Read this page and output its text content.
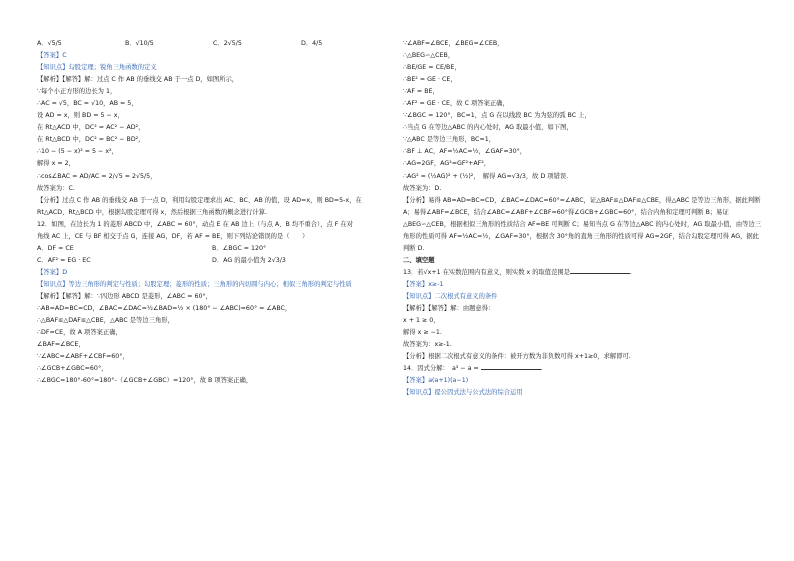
A．√5/5	B．√10/5	C．2√5/5	D．4/5
【答案】C
【知识点】勾股定理；锐角三角函数的定义
【解析】【解答】解：过点 C 作 AB 的垂线交 AB 于一点 D，如图所示，
∵每个小正方形的边长为 1，
∴AC = √5，BC = √10，AB = 5，
设 AD = x，则 BD = 5 − x，
在 Rt△ACD 中，DC² = AC² − AD²，
在 Rt△BCD 中，DC² = BC² − BD²，
∴10 − (5 − x)² = 5 − x²，
解得 x = 2，
∴cos∠BAC = AD/AC = 2/√5 = 2√5/5，
故答案为：C.
【分析】过点 C 作 AB 的垂线交 AB 于一点 D，利用勾股定理求出 AC、BC、AB 的值，设 AD=x，则 BD=5-x，在 Rt△ACD、Rt△BCD 中，根据勾股定理可得 x，然后根据三角函数的概念进行计算.
12．如图，在边长为 1 的菱形 ABCD 中，∠ABC = 60°，动点 E 在 AB 边上（与点 A、B 均不重合），点 F 在对
角线 AC 上，CE 与 BF 相交于点 G，连接 AG，DF，若 AF = BE，则下列结论错误的是（　　）
A．DF = CE	B．∠BGC = 120°
C．AF² = EG · EC	D．AG 的最小值为 2√3/3
【答案】D
【知识点】等边三角形的判定与性质；勾股定理；菱形的性质；三角形的内切圆与内心；相似三角形的判定与性质
【解析】【解答】解：∵四边形 ABCD 是菱形，∠ABC = 60°，
∴AB=AD=BC=CD，∠BAC=∠DAC=½∠BAD=½ × (180° − ∠ABC)=60° = ∠ABC，
∴△BAF≌△DAF≌△CBE，△ABC 是等边三角形，
∴DF=CE，故 A 项答案正确，
∠BAF=∠BCE，
∵∠ABC=∠ABF+∠CBF=60°，
∴∠GCB+∠GBC=60°，
∴∠BGC=180°-60°=180°-（∠GCB+∠GBC）=120°，故 B 项答案正确，
∵∠ABF=∠BCE，∠BEG=∠CEB，
∴△BEG∽△CEB，
∴BE/GE = CE/BE，
∴BE² = GE · CE，
∵AF = BE，
∴AF² = GE · CE，故 C 项答案正确，
∵∠BGC = 120°，BC=1，点 G 在以线段 BC 为为弦的弧 BC 上，
∴当点 G 在等边△ABC 的内心处时，AG 取最小值，如下图，
∵△ABC 是等边三角形，BC=1，
∴BF ⊥ AC，AF=½AC=½，∠GAF=30°，
∴AG=2GF，AG²=GF²+AF²，
∴AG² = (½AG)² + (½)²，　解得 AG=√3/3，故 D 项错误.
故答案为：D.
【分析】易得 AB=AD=BC=CD，∠BAC=∠DAC=60°=∠ABC，证△BAF≌△DAF≌△CBE，得△ABC 是等边三角形，据此判断 A；易得∠ABF=∠BCE，结合∠ABC=∠ABF+∠CBF=60°得∠GCB+∠GBC=60°，结合内角和定理可判断 B；易证△BEG∽△CEB，根据相似三角形的性质结合 AF=BE 可判断 C；易知当点 G 在等边△ABC 的内心处时，AG 取最小值，由等边三角形的性质可得 AF=½AC=½，∠GAF=30°，根据含 30°角的直角三角形的性质可得 AG=2GF，结合勾股定理可得 AG，据此判断 D.
二、填空题
13．若√x+1 在实数范围内有意义，则实数 x 的取值范围是	.
【答案】x≥-1
【知识点】二次根式有意义的条件
【解析】【解答】解：由题意得：
x + 1 ≥ 0，
解得 x ≥ −1.
故答案为：x≥-1.
【分析】根据二次根式有意义的条件：被开方数为非负数可得 x+1≥0，求解即可.
14．因式分解：　a³ − a =	.
【答案】a(a+1)(a−1)
【知识点】提公因式法与公式法的综合运用
